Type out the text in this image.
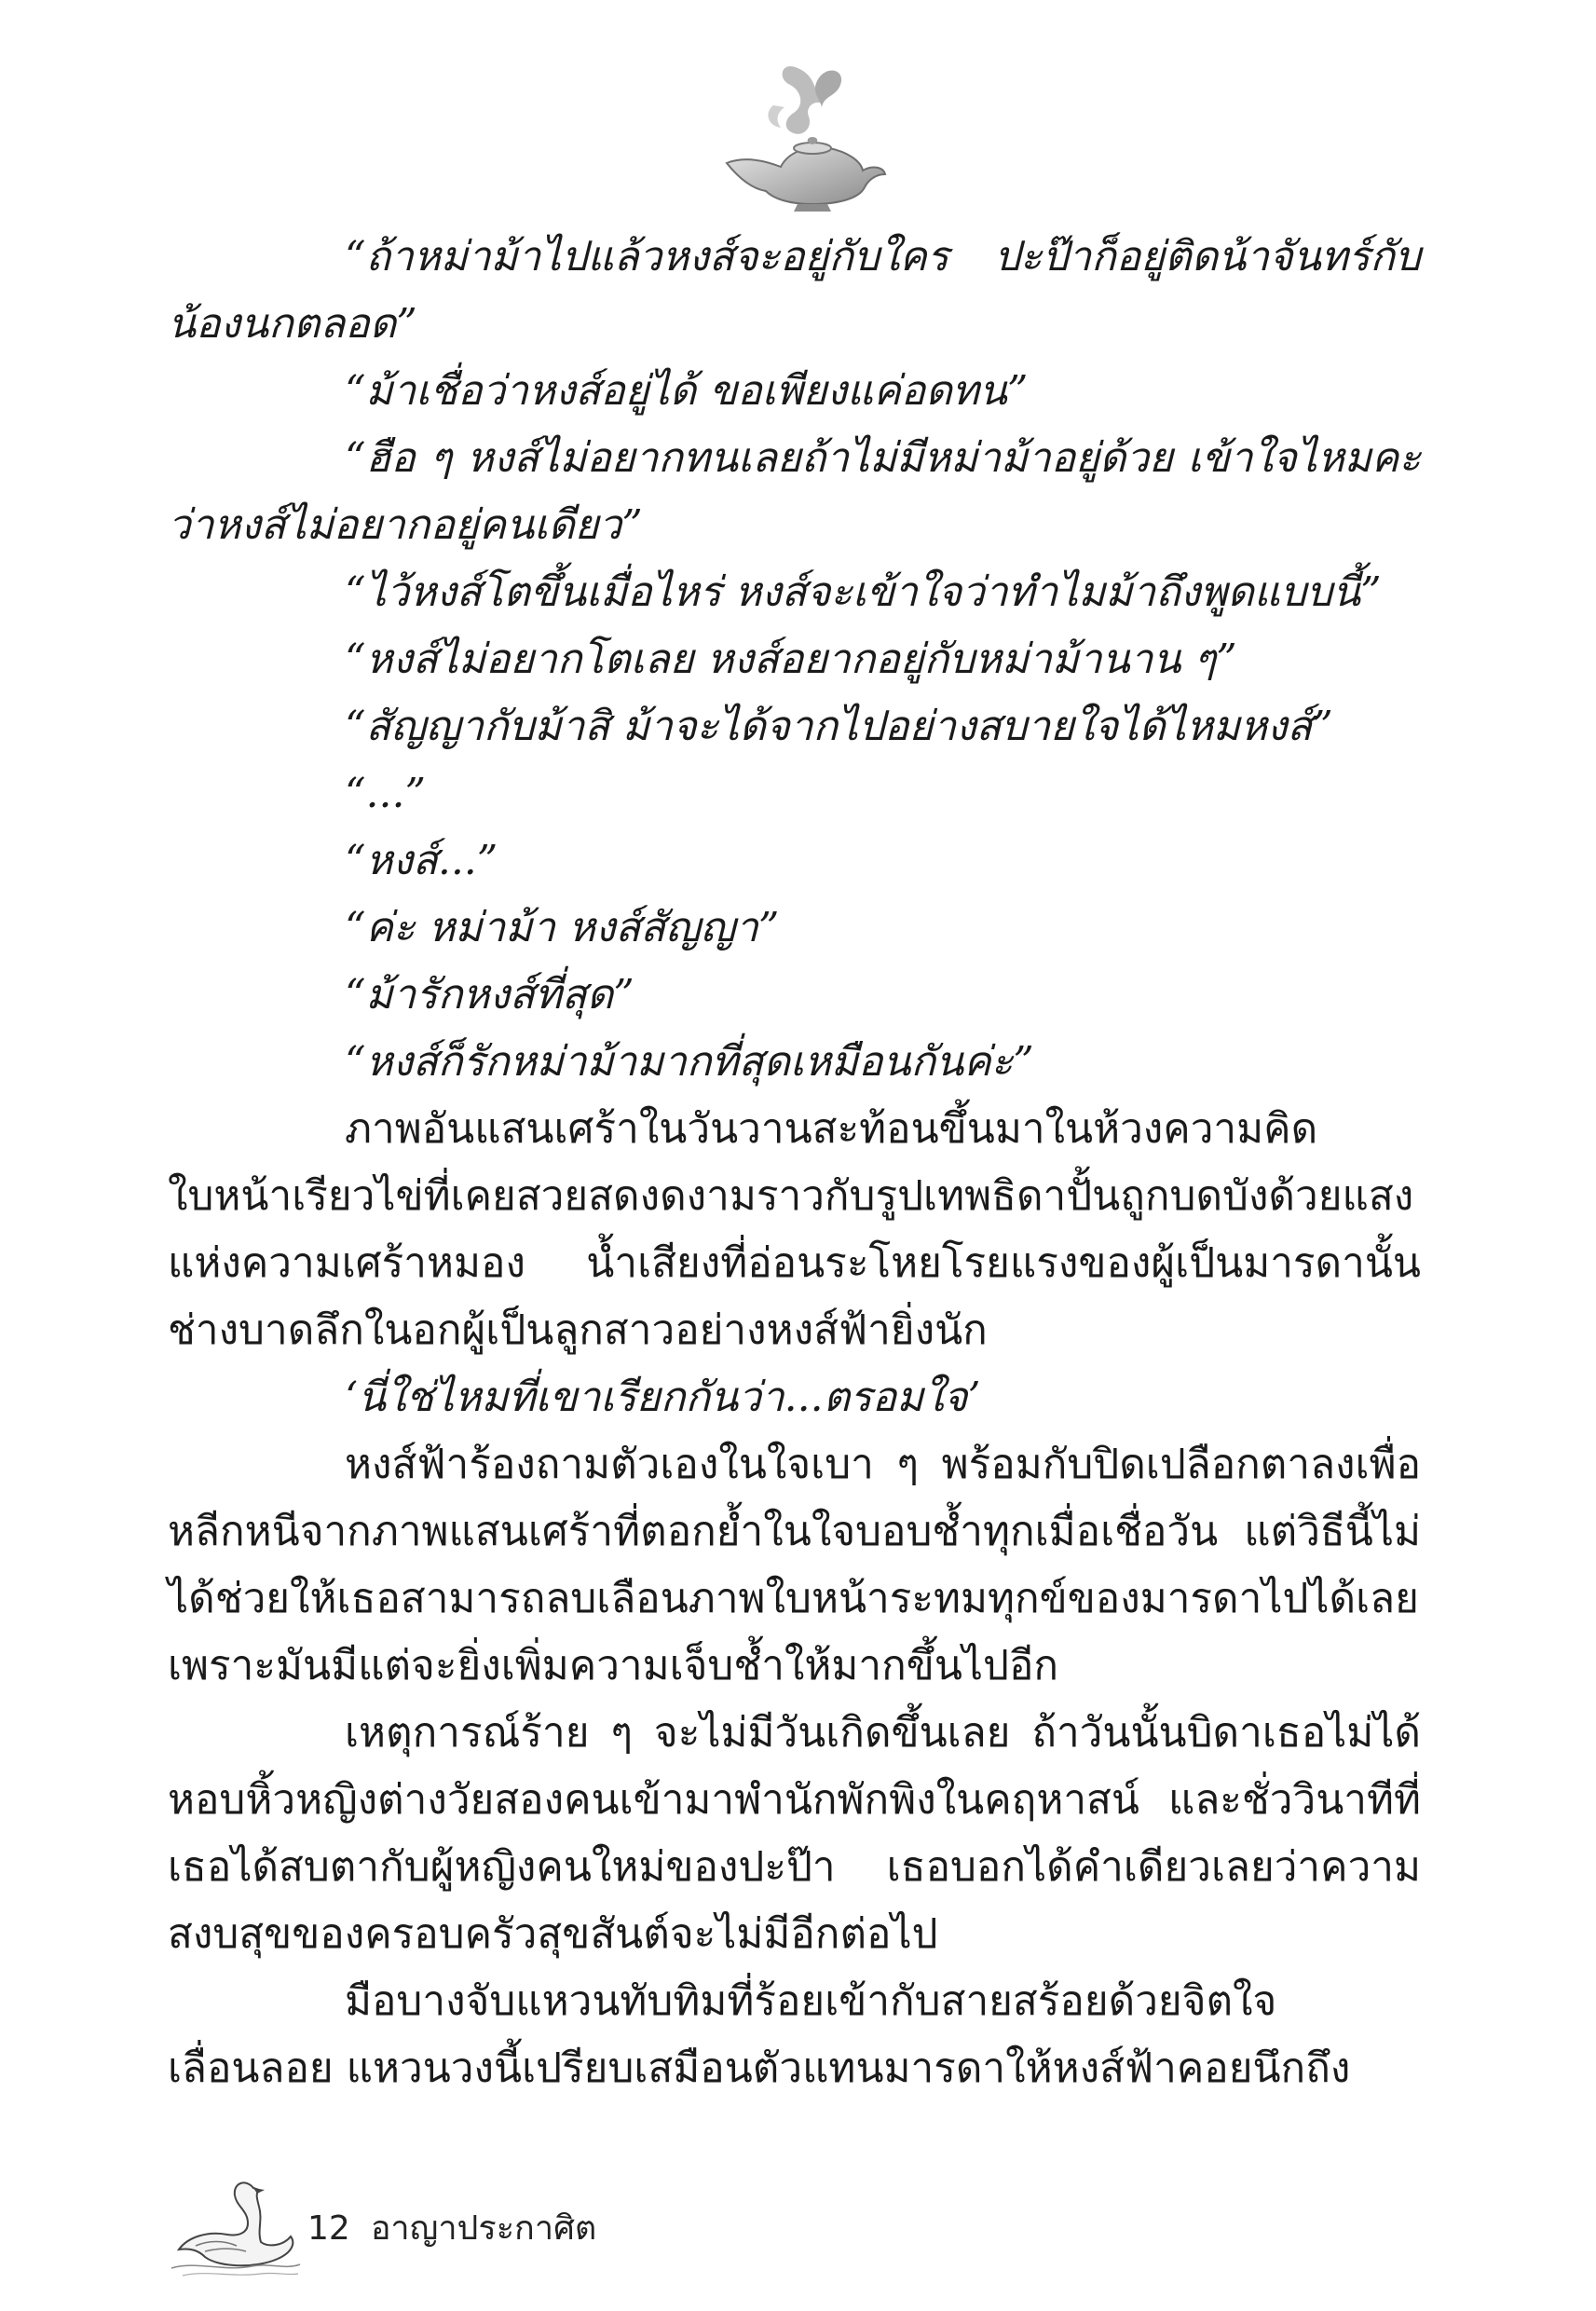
“ถ้าหม่าม้าไปแล้วหงส์จะอยู่กับใคร ปะป๊าก็อยู่ติดน้าจันทร์กับน้องนกตลอด”

“ม้าเชื่อว่าหงส์อยู่ได้ ขอเพียงแค่อดทน”

“ฮือ ๆ หงส์ไม่อยากทนเลยถ้าไม่มีหม่าม้าอยู่ด้วย เข้าใจไหมคะว่าหงส์ไม่อยากอยู่คนเดียว”

“ไว้หงส์โตขึ้นเมื่อไหร่ หงส์จะเข้าใจว่าทำไมม้าถึงพูดแบบนี้”

“หงส์ไม่อยากโตเลย หงส์อยากอยู่กับหม่าม้านาน ๆ”

“สัญญากับม้าสิ ม้าจะได้จากไปอย่างสบายใจได้ไหมหงส์”

“...”

“หงส์...”

“ค่ะ หม่าม้า หงส์สัญญา”

“ม้ารักหงส์ที่สุด”

“หงส์ก็รักหม่าม้ามากที่สุดเหมือนกันค่ะ”

ภาพอันแสนเศร้าในวันวานสะท้อนขึ้นมาในห้วงความคิด ใบหน้าเรียวไข่ที่เคยสวยสดงดงามราวกับรูปเทพธิดาปั้นถูกบดบังด้วยแสงแห่งความเศร้าหมอง น้ำเสียงที่อ่อนระโหยโรยแรงของผู้เป็นมารดานั้น ช่างบาดลึกในอกผู้เป็นลูกสาวอย่างหงส์ฟ้ายิ่งนัก

‘นี่ใช่ไหมที่เขาเรียกกันว่า...ตรอมใจ’

หงส์ฟ้าร้องถามตัวเองในใจเบา ๆ พร้อมกับปิดเปลือกตาลงเพื่อหลีกหนีจากภาพแสนเศร้าที่ตอกย้ำในใจบอบช้ำทุกเมื่อเชื่อวัน แต่วิธีนี้ไม่ได้ช่วยให้เธอสามารถลบเลือนภาพใบหน้าระทมทุกข์ของมารดาไปได้เลย เพราะมันมีแต่จะยิ่งเพิ่มความเจ็บช้ำให้มากขึ้นไปอีก

เหตุการณ์ร้าย ๆ จะไม่มีวันเกิดขึ้นเลย ถ้าวันนั้นบิดาเธอไม่ได้หอบหิ้วหญิงต่างวัยสองคนเข้ามาพำนักพักพิงในคฤหาสน์ และชั่ววินาทีที่เธอได้สบตากับผู้หญิงคนใหม่ของปะป๊า เธอบอกได้คำเดียวเลยว่าความสงบสุขของครอบครัวสุขสันต์จะไม่มีอีกต่อไป

มือบางจับแหวนทับทิมที่ร้อยเข้ากับสายสร้อยด้วยจิตใจเลื่อนลอย แหวนวงนี้เปรียบเสมือนตัวแทนมารดาให้หงส์ฟ้าคอยนึกถึง

12 อาญาประกาศิต
